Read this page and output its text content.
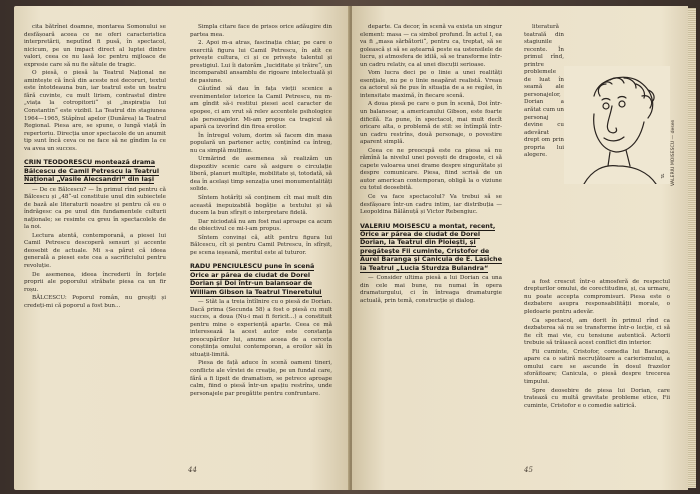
cita bătrînei doamne, montarea Somonului se desfășoară aceea ce ne oferi caracteristica interpretării, neputînd fi pusă, în spectacol, nicicum, pe un impact direct al luptei dintre valori, ceea ce nu lasă loc pentru mijloace de expresie care să nu fie sătule de tragic.

O piesă, o piesă la Teatrul Național ne amintește că încă din aceste noi decoruri, textul este întotdeauna bun, iar teatrul este un teatru fără cuvinte, cu mult lirism, contrastul dintre „viața la cotropitorii“ și „inspirația lui Constantin“ este vizibil. La Teatrul din stagiunea 1964—1965, Stăpînul apelor (Dunărea) la Teatrul Regional. Piesa are, se spune, o lungă viață în repertoriu. Direcția unor spectacole de un anumit tip sunt încă ceva ce ne face să ne gîndim la ce va avea un succes.

CRIN TEODORESCU montează drama Bălcescu de Camil Petrescu la Teatrul Național „Vasile Alecsandri“ din Iași

— De ce Bălcescu? — În primul rînd pentru că Bălcescu și „48“-ul constituie unul din subiectele de bază ale literaturii noastre și pentru că eu o îndrăgesc ca pe unul din fundamentele culturii naționale; se resimte cu greu în spectacolele de la noi.

Lectura atentă, contemporană, a piesei lui Camil Petrescu descoperă sensuri și accente deosebit de actuale. Mi s-a părut că ideea generală a piesei este cea a sacrificiului pentru revoluție.

De asemenea, ideea încrederii în forțele proprii ale poporului străbate piesa ca un fir roșu.

BĂLCESCU: Poporul român, nu greșiți și credeți-mi că poporul a fost bun...

Simpla citare face de prisos orice adăugire din partea mea.

2. Apoi m-a atras, fascinația chiar, pe care o exercită figura lui Camil Petrescu, în atît ce privește cultura, ci și ce privește talentul și prestigiul. Lui îi datorăm „luciditate și trăire“, un incomparabil ansamblu de rigoare intelectuală și de pasiune.

Căutînd să dau în fața vieții scenice a evenimentelor istorice la Camil Petrescu, nu m-am gîndit să-i restitui piesei acel caracter de epopee, ci am vrut să relev accentele psihologice ale personajelor. Mi-am propus ca tragicul să apară ca izvorînd din firea eroilor.

În întregul volum, dorim să facem din masa populară un partener activ, conținînd ca întreg, nu ca simplă mulțime.

Urmărind de asemenea să realizăm un dispozitiv scenic care să asigure o circulație liberă, planuri multiple, mobilitate și, totodată, să dea în același timp senzația unei monumentalități solide.

Sîntem hotărîți să conținem cît mai mult din această inepuizabilă bogăție a textului și să ducem la bun sfîrșit o interpretare fidelă.

Dar niciodată nu am fost mai aproape ca acum de obiectivul ce mi-l-am propus.

Sîntem convinși că, atît pentru figura lui Bălcescu, cît și pentru Camil Petrescu, în sfîrșit, pe scena ieșeană, meritul este al tuturor.

RADU PENCIULESCU pune în scenă Orice ar părea de ciudat de Dorel Dorian și Doi într-un balansoar de William Gibson la Teatrul Tineretului

— Stăt la a treia întîlnire cu o piesă de Dorian. Dacă prima (Secunda 58) a fost o piesă cu mult succes, a doua (Nu-i mai fi fericit...) a constituit pentru mine o experiență aparte. Ceea ce mă interesează la acest autor este constanța preocupărilor lui, anume aceea de a cerceta conștiința omului contemporan, a eroilor săi în situații-limită.

Piesa de față aduce în scenă oameni tineri, conflicte ale vîrstei de creație, pe un fundal care, fără a fi lipsit de dramatism, se petrece aproape calm, fiind o piesă într-un spațiu restrîns, unde personajele par pregătite pentru confruntare.

44

departe. Ca decor, în scenă va exista un singur element: masa — ca simbol profund. În actul I, ea va fi „masa sărbătorii“, pentru ca, treptat, să se golească și să se aștearnă peste ea ustensilele de lucru, și atmosfera de idilă, să se transforme într-un cadru relativ, ca al unei discuții serioase.

Vom lucra deci pe o linie a unei realități esențiale, nu pe o linie neapărat realistă. Vreau ca actorul să fie pus în situația de a se regăsi, în intensitate maximă, în fiecare scenă.

A doua piesă pe care o pun în scenă, Doi într-un balansoar, a americanului Gibson, este foarte dificilă. Ea pune, în spectacol, mai mult decît oricare alta, o problemă de stil: se întîmplă într-un cadru restrîns, două personaje, o povestire aparent simplă.

Ceea ce ne preocupă este ca piesa să nu rămînă la nivelul unei povești de dragoste, ci să capete valoarea unei drame despre singurătate și despre comunicare. Piesa, fiind scrisă de un autor american contemporan, obligă la o viziune cu totul deosebită.

Ce va face spectacolul? Va trebui să se desfășoare într-un cadru intim, iar distribuția — Leopoldina Bălănuță și Victor Rebengiuc.

VALERIU MOISESCU a montat, recent, Orice ar părea de ciudat de Dorel Dorian, la Teatrul din Ploiești, și pregătește Fii cuminte, Cristofor de Aurel Baranga și Canicula de E. Lasiche la Teatrul „Lucia Sturdza Bulandra“

— Consider ultima piesă a lui Dorian ca una din cele mai bune, nu numai în opera dramaturgului, ci în întreaga dramaturgie actuală, prin temă, construcție și dialog.

literatură teatrală din stagiunile recente. În primul rînd, printre problemele de luat în seamă ale personajelor, Dorian a arătat cum un personaj devine cu adevărat drept om prin propria lui alegere.

a fost crescut într-o atmosferă de respectul drepturilor omului, de corectitudine, și, ca urmare, nu poate accepta compromisuri. Piesa este o dezbatere asupra responsabilității morale, o pledoarie pentru adevăr.

Ca spectacol, am dorit în primul rînd ca dezbaterea să nu se transforme într-o lecție, ci să fie cît mai vie, cu tensiune autentică. Actorii trebuie să trăiască acest conflict din interior.

Fii cuminte, Cristofor, comedia lui Baranga, apare ca o satiră necruțătoare a carierismului, a omului care se ascunde în dosul frazelor sforăitoare; Canicula, o piesă despre trecerea timpului.

Spre deosebire de piesa lui Dorian, care tratează cu multă gravitate probleme etice, Fii cuminte, Cristofor e o comedie satirică.

♯ VALERIU MOISESCU — desen
45
